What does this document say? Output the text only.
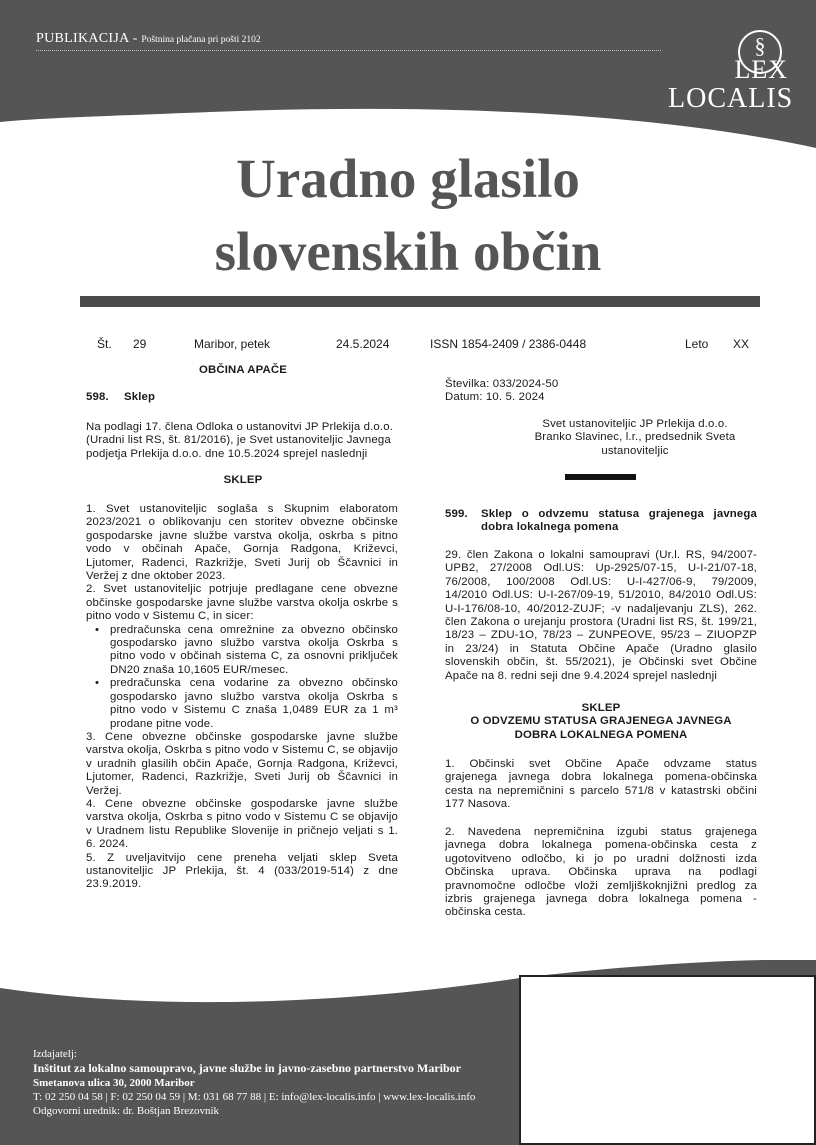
PUBLIKACIJA - Poštnina plačana pri pošti 2102	§
LEX
LOCALIS
Uradno glasilo
slovenskih občin
Št. 29	Maribor, petek	24.5.2024	ISSN 1854-2409 / 2386-0448	Leto XX
OBČINA APAČE
598. Sklep
Na podlagi 17. člena Odloka o ustanovitvi JP Prlekija d.o.o.
(Uradni list RS, št. 81/2016), je Svet ustanoviteljic Javnega
podjetja Prlekija d.o.o. dne 10.5.2024 sprejel naslednji
SKLEP
1. Svet ustanoviteljic soglaša s Skupnim elaboratom
2023/2021 o oblikovanju cen storitev obvezne občinske
gospodarske javne službe varstva okolja, oskrba s pitno
vodo v občinah Apače, Gornja Radgona, Križevci,
Ljutomer, Radenci, Razkrižje, Sveti Jurij ob Ščavnici in
Veržej z dne oktober 2023.
2. Svet ustanoviteljic potrjuje predlagane cene obvezne
občinske gospodarske javne službe varstva okolja oskrbe s
pitno vodo v Sistemu C, in sicer:
• predračunska cena omrežnine za obvezno občinsko
gospodarsko javno službo varstva okolja Oskrba s
pitno vodo v občinah sistema C, za osnovni priključek
DN20 znaša 10,1605 EUR/mesec.
• predračunska cena vodarine za obvezno občinsko
gospodarsko javno službo varstva okolja Oskrba s
pitno vodo v Sistemu C znaša 1,0489 EUR za 1 m³
prodane pitne vode.
3. Cene obvezne občinske gospodarske javne službe
varstva okolja, Oskrba s pitno vodo v Sistemu C, se objavijo
v uradnih glasilih občin Apače, Gornja Radgona, Križevci,
Ljutomer, Radenci, Razkrižje, Sveti Jurij ob Ščavnici in
Veržej.
4. Cene obvezne občinske gospodarske javne službe
varstva okolja, Oskrba s pitno vodo v Sistemu C se objavijo
v Uradnem listu Republike Slovenije in pričnejo veljati s 1.
6. 2024.
5. Z uveljavitvijo cene preneha veljati sklep Sveta
ustanoviteljic JP Prlekija, št. 4 (033/2019-514) z dne
23.9.2019.
Številka: 033/2024-50
Datum: 10. 5. 2024
Svet ustanoviteljic JP Prlekija d.o.o.
Branko Slavinec, l.r., predsednik Sveta
ustanoviteljic
599. Sklep o odvzemu statusa grajenega javnega
dobra lokalnega pomena
29. člen Zakona o lokalni samoupravi (Ur.l. RS, 94/2007-
UPB2, 27/2008 Odl.US: Up-2925/07-15, U-I-21/07-18,
76/2008, 100/2008 Odl.US: U-I-427/06-9, 79/2009,
14/2010 Odl.US: U-I-267/09-19, 51/2010, 84/2010 Odl.US:
U-I-176/08-10, 40/2012-ZUJF; -v nadaljevanju ZLS), 262.
člen Zakona o urejanju prostora (Uradni list RS, št. 199/21,
18/23 – ZDU-1O, 78/23 – ZUNPEOVE, 95/23 – ZIUOPZP
in 23/24) in Statuta Občine Apače (Uradno glasilo
slovenskih občin, št. 55/2021), je Občinski svet Občine
Apače na 8. redni seji dne 9.4.2024 sprejel naslednji
SKLEP
O ODVZEMU STATUSA GRAJENEGA JAVNEGA
DOBRA LOKALNEGA POMENA
1. Občinski svet Občine Apače odvzame status
grajenega javnega dobra lokalnega pomena-občinska
cesta na nepremičnini s parcelo 571/8 v katastrski občini
177 Nasova.
2. Navedena nepremičnina izgubi status grajenega
javnega dobra lokalnega pomena-občinska cesta z
ugotovitveno odločbo, ki jo po uradni dolžnosti izda
Občinska uprava. Občinska uprava na podlagi
pravnomočne odločbe vloži zemljiškoknjižni predlog za
izbris grajenega javnega dobra lokalnega pomena -
občinska cesta.
Izdajatelj:
Inštitut za lokalno samoupravo, javne službe in javno-zasebno partnerstvo Maribor
Smetanova ulica 30, 2000 Maribor
T: 02 250 04 58 | F: 02 250 04 59 | M: 031 68 77 88 | E: info@lex-localis.info | www.lex-localis.info
Odgovorni urednik: dr. Boštjan Brezovnik
